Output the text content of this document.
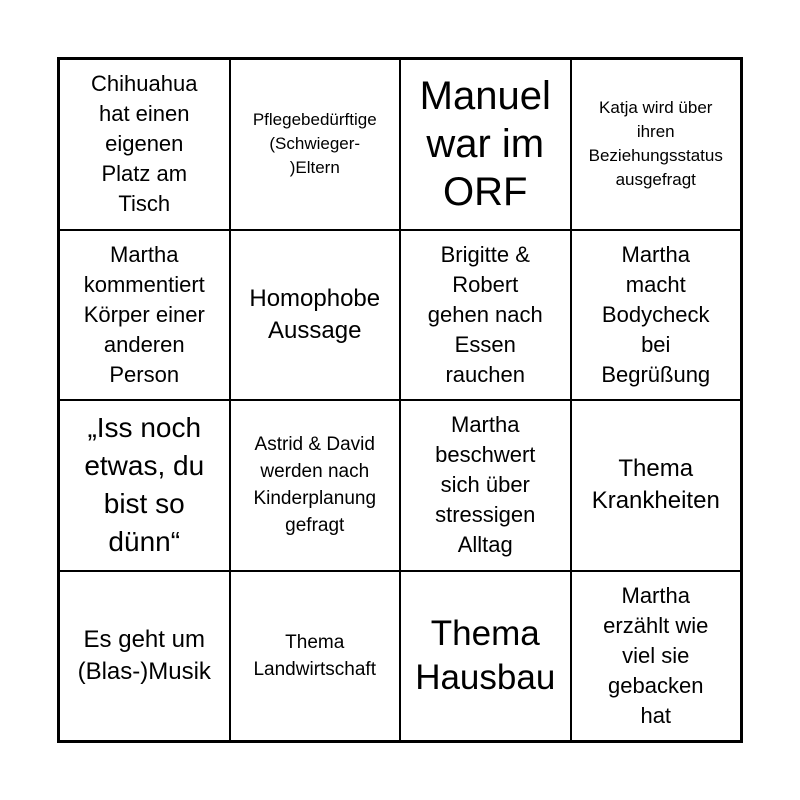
Chihuahua
hat einen
eigenen
Platz am
Tisch
Pflegebedürftige
(Schwieger-
)Eltern
Manuel
war im
ORF
Katja wird über
ihren
Beziehungsstatus
ausgefragt
Martha
kommentiert
Körper einer
anderen
Person
Homophobe
Aussage
Brigitte &
Robert
gehen nach
Essen
rauchen
Martha
macht
Bodycheck
bei
Begrüßung
„Iss noch
etwas, du
bist so
dünn“
Astrid & David
werden nach
Kinderplanung
gefragt
Martha
beschwert
sich über
stressigen
Alltag
Thema
Krankheiten
Es geht um
(Blas-)Musik
Thema
Landwirtschaft
Thema
Hausbau
Martha
erzählt wie
viel sie
gebacken
hat
